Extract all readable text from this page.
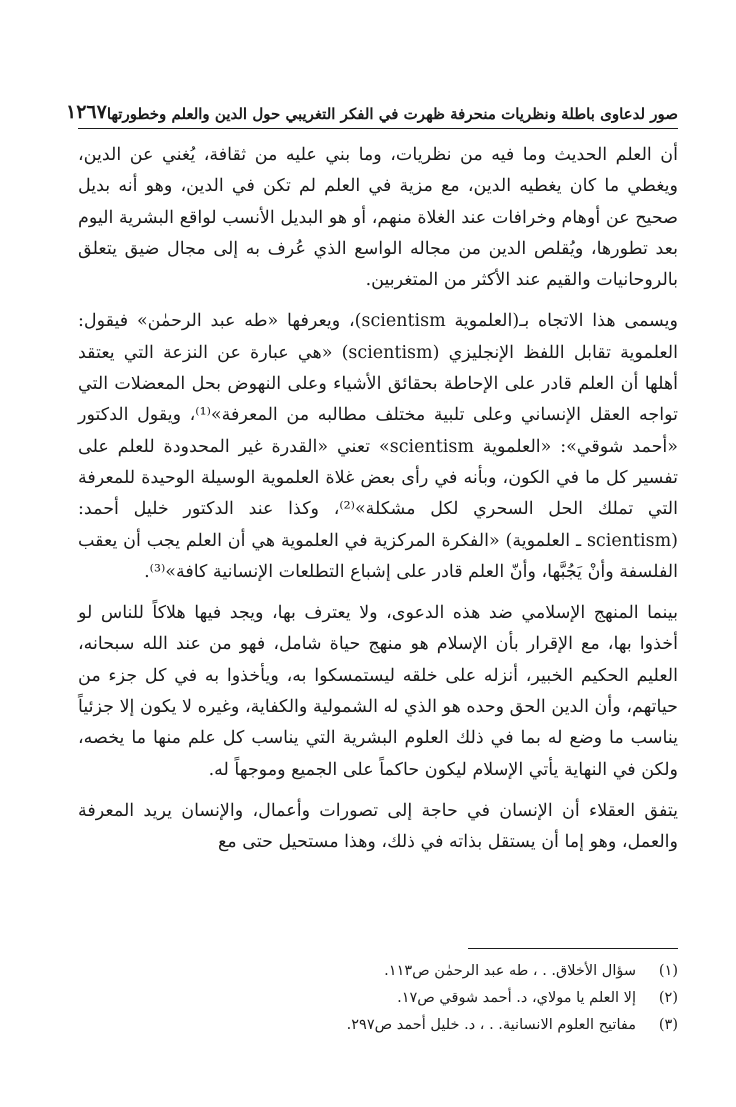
صور لدعاوى باطلة ونظريات منحرفة ظهرت في الفكر التغريبي حول الدين والعلم وخطورتها
١٢٦٧

أن العلم الحديث وما فيه من نظريات، وما بني عليه من ثقافة، يُغني عن الدين، ويغطي ما كان يغطيه الدين، مع مزية في العلم لم تكن في الدين، وهو أنه بديل صحيح عن أوهام وخرافات عند الغلاة منهم، أو هو البديل الأنسب لواقع البشرية اليوم بعد تطورها، ويُقلص الدين من مجاله الواسع الذي عُرف به إلى مجال ضيق يتعلق بالروحانيات والقيم عند الأكثر من المتغربين.

ويسمى هذا الاتجاه بـ(العلموية scientism)، ويعرفها «طه عبد الرحمٰن» فيقول: العلموية تقابل اللفظ الإنجليزي (scientism) «هي عبارة عن النزعة التي يعتقد أهلها أن العلم قادر على الإحاطة بحقائق الأشياء وعلى النهوض بحل المعضلات التي تواجه العقل الإنساني وعلى تلبية مختلف مطالبه من المعرفة»⁽¹⁾، ويقول الدكتور «أحمد شوقي»: «العلموية scientism» تعني «القدرة غير المحدودة للعلم على تفسير كل ما في الكون، وبأنه في رأى بعض غلاة العلموية الوسيلة الوحيدة للمعرفة التي تملك الحل السحري لكل مشكلة»⁽²⁾، وكذا عند الدكتور خليل أحمد: (scientism ـ العلموية) «الفكرة المركزية في العلموية هي أن العلم يجب أن يعقب الفلسفة وأنْ يَجُبَّها، وأنّ العلم قادر على إشباع التطلعات الإنسانية كافة»⁽³⁾.

بينما المنهج الإسلامي ضد هذه الدعوى، ولا يعترف بها، ويجد فيها هلاكاً للناس لو أخذوا بها، مع الإقرار بأن الإسلام هو منهج حياة شامل، فهو من عند الله سبحانه، العليم الحكيم الخبير، أنزله على خلقه ليستمسكوا به، ويأخذوا به في كل جزء من حياتهم، وأن الدين الحق وحده هو الذي له الشمولية والكفاية، وغيره لا يكون إلا جزئياً يناسب ما وضع له بما في ذلك العلوم البشرية التي يناسب كل علم منها ما يخصه، ولكن في النهاية يأتي الإسلام ليكون حاكماً على الجميع وموجهاً له.

يتفق العقلاء أن الإنسان في حاجة إلى تصورات وأعمال، والإنسان يريد المعرفة والعمل، وهو إما أن يستقل بذاته في ذلك، وهذا مستحيل حتى مع

(١)
سؤال الأخلاق. . ، طه عبد الرحمٰن ص١١٣.
(٢)
إلا العلم يا مولاي، د. أحمد شوقي ص١٧.
(٣)
مفاتيح العلوم الانسانية. . ، د. خليل أحمد ص٢٩٧.
